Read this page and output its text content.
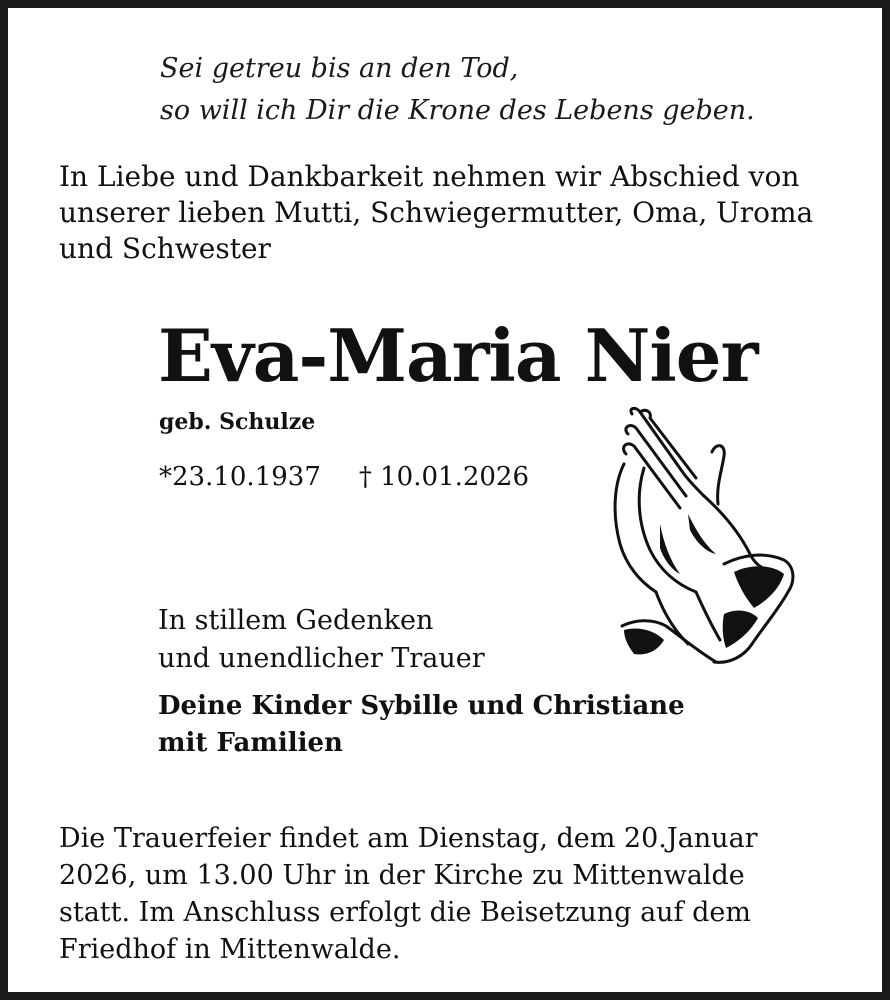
Sei getreu bis an den Tod,
so will ich Dir die Krone des Lebens geben.
In Liebe und Dankbarkeit nehmen wir Abschied von
unserer lieben Mutti, Schwiegermutter, Oma, Uroma
und Schwester
Eva-Maria Nier
geb. Schulze
*23.10.1937 † 10.01.2026
In stillem Gedenken
und unendlicher Trauer
Deine Kinder Sybille und Christiane
mit Familien
Die Trauerfeier findet am Dienstag, dem 20.Januar
2026, um 13.00 Uhr in der Kirche zu Mittenwalde
statt. Im Anschluss erfolgt die Beisetzung auf dem
Friedhof in Mittenwalde.
